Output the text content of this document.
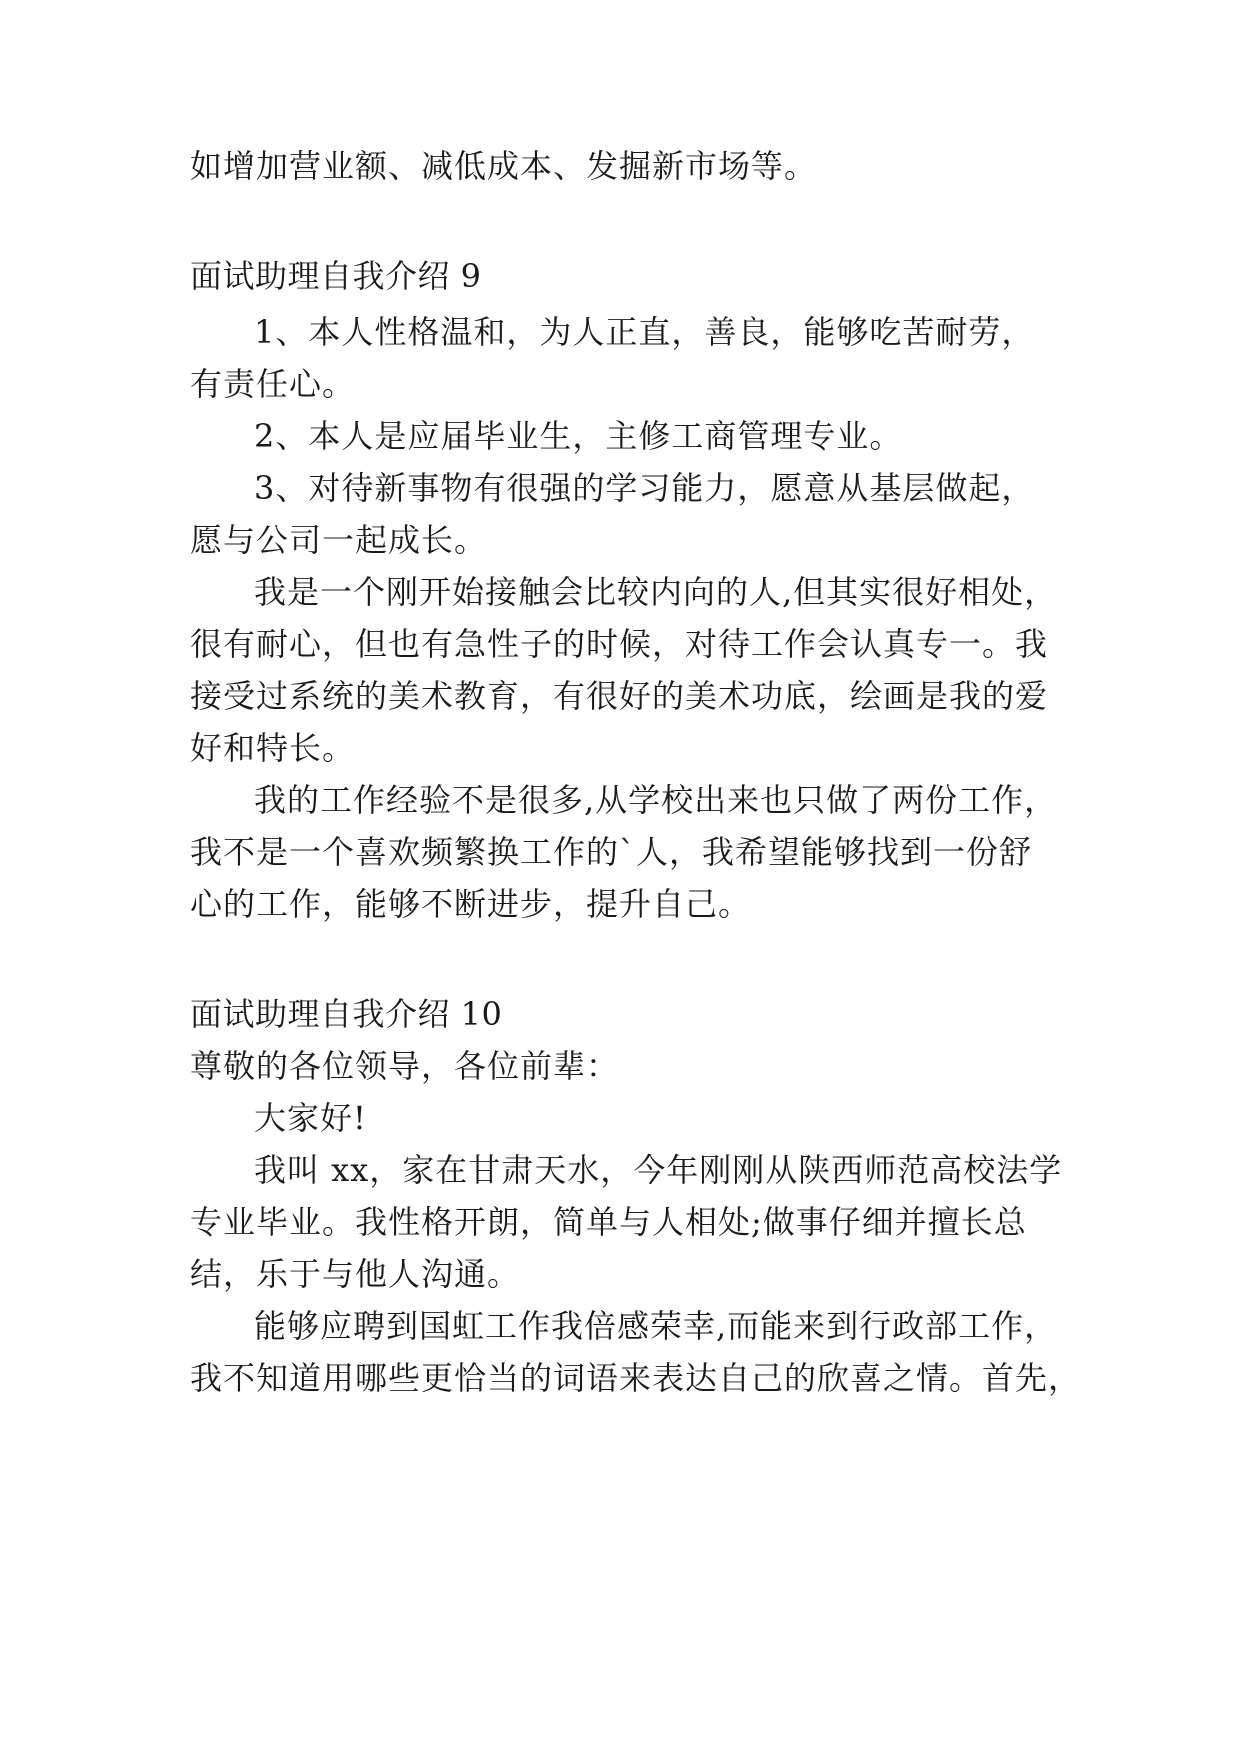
如增加营业额、减低成本、发掘新市场等。
面试助理自我介绍 9
1、本人性格温和，为人正直，善良，能够吃苦耐劳，
有责任心。
2、本人是应届毕业生，主修工商管理专业。
3、对待新事物有很强的学习能力，愿意从基层做起，
愿与公司一起成长。
我是一个刚开始接触会比较内向的人,但其实很好相处，
很有耐心，但也有急性子的时候，对待工作会认真专一。我
接受过系统的美术教育，有很好的美术功底，绘画是我的爱
好和特长。
我的工作经验不是很多,从学校出来也只做了两份工作，
我不是一个喜欢频繁换工作的`人，我希望能够找到一份舒
心的工作，能够不断进步，提升自己。
面试助理自我介绍 10
尊敬的各位领导，各位前辈：
大家好!
我叫 xx，家在甘肃天水，今年刚刚从陕西师范高校法学
专业毕业。我性格开朗，简单与人相处;做事仔细并擅长总
结，乐于与他人沟通。
能够应聘到国虹工作我倍感荣幸,而能来到行政部工作，
我不知道用哪些更恰当的词语来表达自己的欣喜之情。首先，
